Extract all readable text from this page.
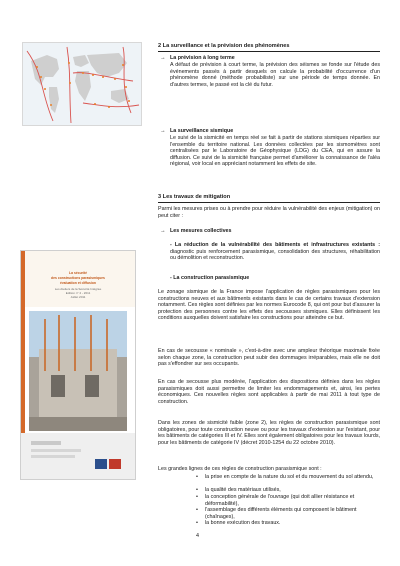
La sécurité
des constructions parasismiques
évaluation et diffusion
Les Ateliers de la Sécurité Intégrée
Edition n° 2 - 2011
Juillet 2011
2 La surveillance et la prévision des phénomènes
→ La prévision à long terme
A défaut de prévision à court terme, la prévision des séismes se fonde sur l'étude des événements passés à partir desquels on calcule la probabilité d'occurrence d'un phénomène donné (méthode probabiliste) sur une période de temps donnée. En d'autres termes, le passé est la clé du futur.
→ La surveillance sismique
Le suivi de la sismicité en temps réel se fait à partir de stations sismiques réparties sur l'ensemble du territoire national. Les données collectées par les sismomètres sont centralisées par le Laboratoire de Géophysique (LDG) du CEA, qui en assure la diffusion. Ce suivi de la sismicité française permet d'améliorer la connaissance de l'aléa régional, voir local en appréciant notamment les effets de site.
3 Les travaux de mitigation
Parmi les mesures prises ou à prendre pour réduire la vulnérabilité des enjeux (mitigation) on peut citer :
→ Les mesures collectives
- La réduction de la vulnérabilité des bâtiments et infrastructures existants : diagnostic puis renforcement parasismique, consolidation des structures, réhabilitation ou démolition et reconstruction.
- La construction parasismique
Le zonage sismique de la France impose l'application de règles parasismiques pour les constructions neuves et aux bâtiments existants dans le cas de certains travaux d'extension notamment. Ces règles sont définies par les normes Eurocode 8, qui ont pour but d'assurer la protection des personnes contre les effets des secousses sismiques. Elles définissent les conditions auxquelles doivent satisfaire les constructions pour atteindre ce but.
En cas de secousse « nominale », c'est-à-dire avec une ampleur théorique maximale fixée selon chaque zone, la construction peut subir des dommages irréparables, mais elle ne doit pas s'effondrer sur ses occupants.
En cas de secousse plus modérée, l'application des dispositions définies dans les règles parasismiques doit aussi permettre de limiter les endommagements et, ainsi, les pertes économiques. Ces nouvelles règles sont applicables à partir de mai 2011 à tout type de construction.
Dans les zones de sismicité faible (zone 2), les règles de construction parasismique sont obligatoires, pour toute construction neuve ou pour les travaux d'extension sur l'existant, pour les bâtiments de catégories III et IV. Elles sont également obligatoires pour les travaux lourds, pour les bâtiments de catégorie IV (décret 2010-1254 du 22 octobre 2010).
Les grandes lignes de ces règles de construction parasismique sont :
• la prise en compte de la nature du sol et du mouvement du sol attendu,
• la qualité des matériaux utilisés,
• la conception générale de l'ouvrage (qui doit allier résistance et déformabilité),
• l'assemblage des différents éléments qui composent le bâtiment (chaînages),
• la bonne exécution des travaux.
4
